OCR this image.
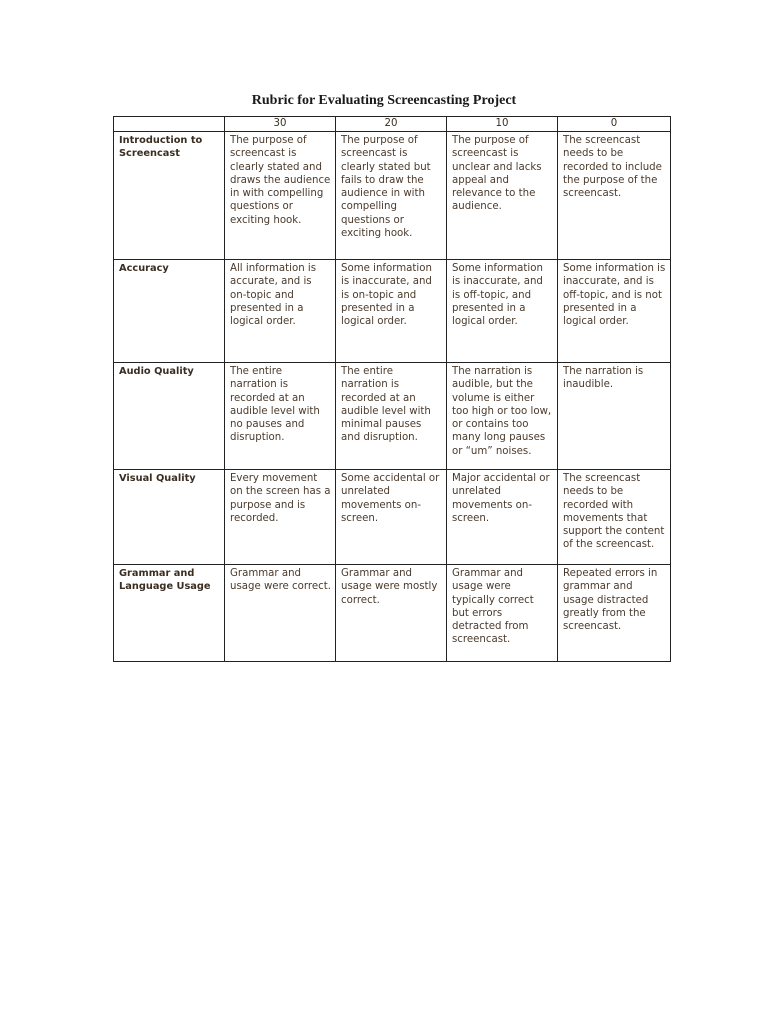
Rubric for Evaluating Screencasting Project
	30	20	10	0
Introduction to Screencast	The purpose of screencast is clearly stated and draws the audience in with compelling questions or exciting hook.	The purpose of screencast is clearly stated but fails to draw the audience in with compelling questions or exciting hook.	The purpose of screencast is unclear and lacks appeal and relevance to the audience.	The screencast needs to be recorded to include the purpose of the screencast.
Accuracy	All information is accurate, and is on-topic and presented in a logical order.	Some information is inaccurate, and is on-topic and presented in a logical order.	Some information is inaccurate, and is off-topic, and presented in a logical order.	Some information is inaccurate, and is off-topic, and is not presented in a logical order.
Audio Quality	The entire narration is recorded at an audible level with no pauses and disruption.	The entire narration is recorded at an audible level with minimal pauses and disruption.	The narration is audible, but the volume is either too high or too low, or contains too many long pauses or “um” noises.	The narration is inaudible.
Visual Quality	Every movement on the screen has a purpose and is recorded.	Some accidental or unrelated movements on-screen.	Major accidental or unrelated movements on-screen.	The screencast needs to be recorded with movements that support the content of the screencast.
Grammar and Language Usage	Grammar and usage were correct.	Grammar and usage were mostly correct.	Grammar and usage were typically correct but errors detracted from screencast.	Repeated errors in grammar and usage distracted greatly from the screencast.
